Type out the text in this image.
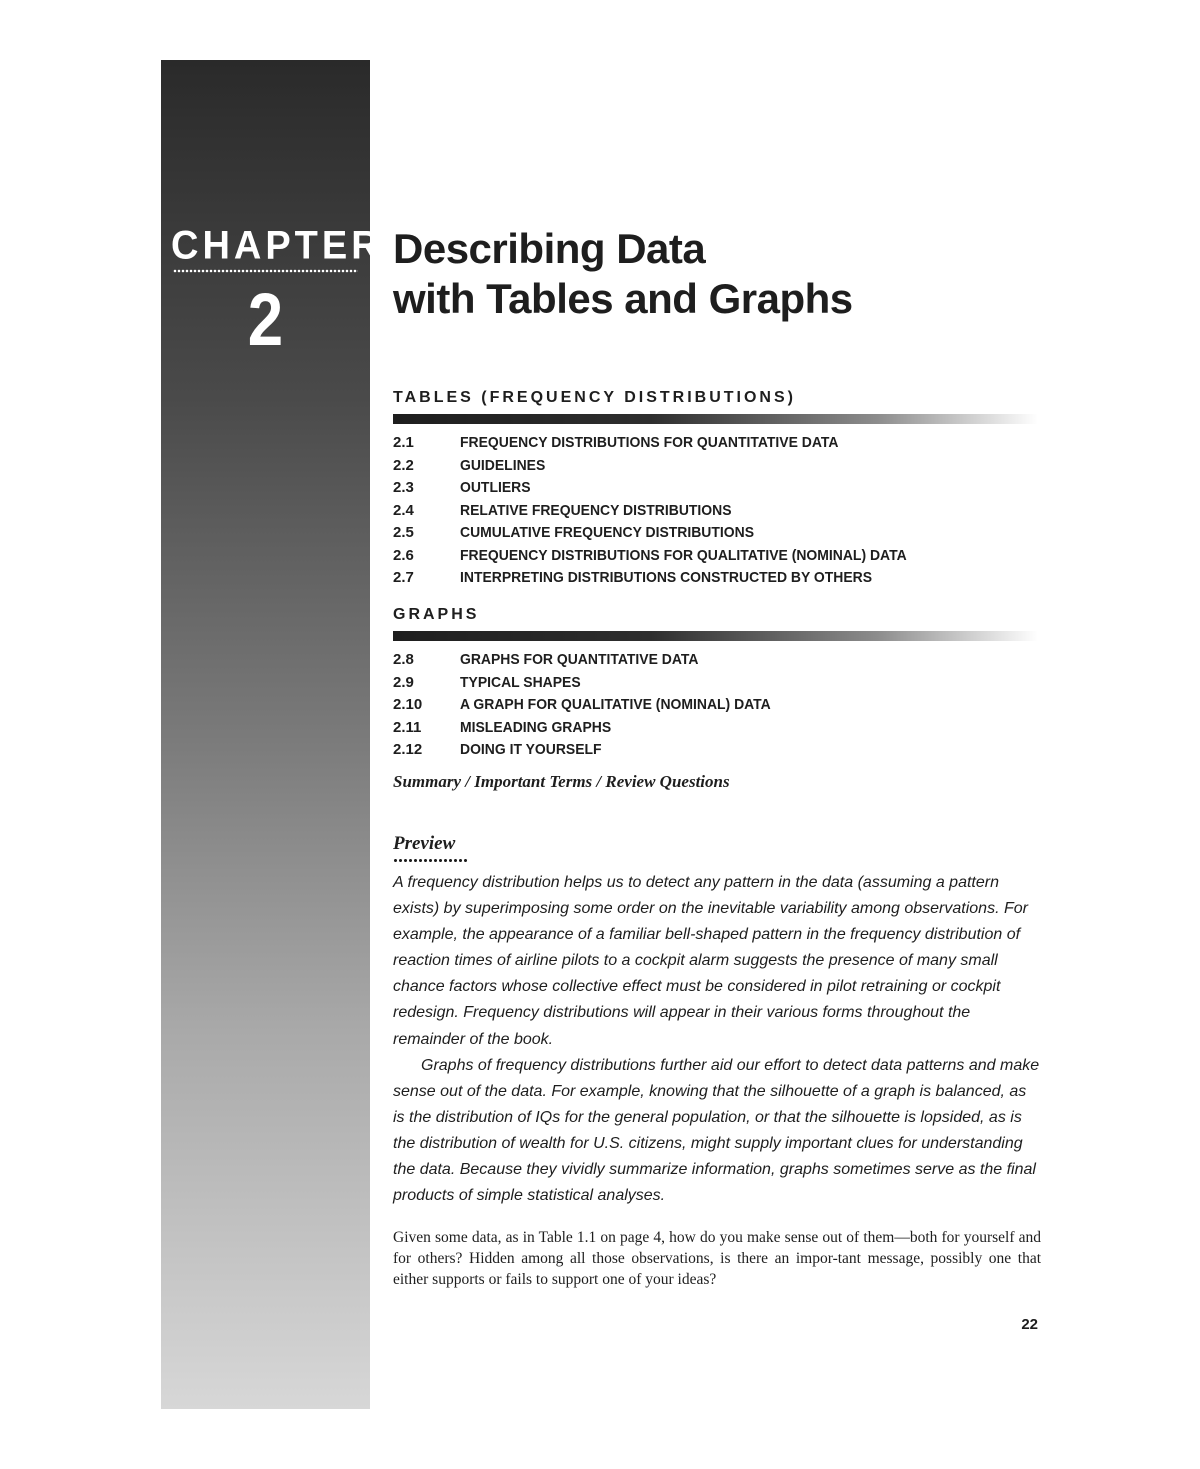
CHAPTER
2
Describing Data
with Tables and Graphs
TABLES (FREQUENCY DISTRIBUTIONS)
2.1	FREQUENCY DISTRIBUTIONS FOR QUANTITATIVE DATA
2.2	GUIDELINES
2.3	OUTLIERS
2.4	RELATIVE FREQUENCY DISTRIBUTIONS
2.5	CUMULATIVE FREQUENCY DISTRIBUTIONS
2.6	FREQUENCY DISTRIBUTIONS FOR QUALITATIVE (NOMINAL) DATA
2.7	INTERPRETING DISTRIBUTIONS CONSTRUCTED BY OTHERS
GRAPHS
2.8	GRAPHS FOR QUANTITATIVE DATA
2.9	TYPICAL SHAPES
2.10	A GRAPH FOR QUALITATIVE (NOMINAL) DATA
2.11	MISLEADING GRAPHS
2.12	DOING IT YOURSELF
Summary / Important Terms / Review Questions
Preview

A frequency distribution helps us to detect any pattern in the data (assuming a pattern exists) by superimposing some order on the inevitable variability among observations. For example, the appearance of a familiar bell-shaped pattern in the frequency distribution of reaction times of airline pilots to a cockpit alarm suggests the presence of many small chance factors whose collective effect must be considered in pilot retraining or cockpit redesign. Frequency distributions will appear in their various forms throughout the remainder of the book.

Graphs of frequency distributions further aid our effort to detect data patterns and make sense out of the data. For example, knowing that the silhouette of a graph is balanced, as is the distribution of IQs for the general population, or that the silhouette is lopsided, as is the distribution of wealth for U.S. citizens, might supply important clues for understanding the data. Because they vividly summarize information, graphs sometimes serve as the final products of simple statistical analyses.

Given some data, as in Table 1.1 on page 4, how do you make sense out of them—both for yourself and for others? Hidden among all those observations, is there an impor-tant message, possibly one that either supports or fails to support one of your ideas?

22
